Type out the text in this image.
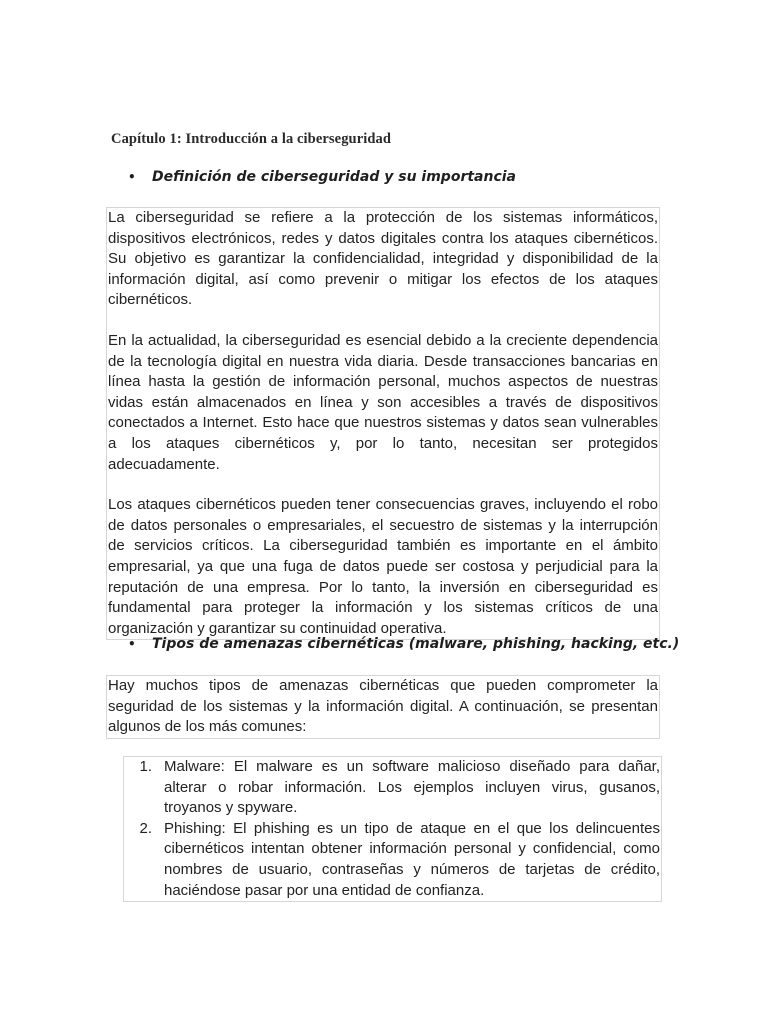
Capítulo 1: Introducción a la ciberseguridad
• Definición de ciberseguridad y su importancia

La ciberseguridad se refiere a la protección de los sistemas informáticos, dispositivos electrónicos, redes y datos digitales contra los ataques cibernéticos. Su objetivo es garantizar la confidencialidad, integridad y disponibilidad de la información digital, así como prevenir o mitigar los efectos de los ataques cibernéticos.

En la actualidad, la ciberseguridad es esencial debido a la creciente dependencia de la tecnología digital en nuestra vida diaria. Desde transacciones bancarias en línea hasta la gestión de información personal, muchos aspectos de nuestras vidas están almacenados en línea y son accesibles a través de dispositivos conectados a Internet. Esto hace que nuestros sistemas y datos sean vulnerables a los ataques cibernéticos y, por lo tanto, necesitan ser protegidos adecuadamente.

Los ataques cibernéticos pueden tener consecuencias graves, incluyendo el robo de datos personales o empresariales, el secuestro de sistemas y la interrupción de servicios críticos. La ciberseguridad también es importante en el ámbito empresarial, ya que una fuga de datos puede ser costosa y perjudicial para la reputación de una empresa. Por lo tanto, la inversión en ciberseguridad es fundamental para proteger la información y los sistemas críticos de una organización y garantizar su continuidad operativa.

• Tipos de amenazas cibernéticas (malware, phishing, hacking, etc.)

Hay muchos tipos de amenazas cibernéticas que pueden comprometer la seguridad de los sistemas y la información digital. A continuación, se presentan algunos de los más comunes:

1. Malware: El malware es un software malicioso diseñado para dañar, alterar o robar información. Los ejemplos incluyen virus, gusanos, troyanos y spyware.
2. Phishing: El phishing es un tipo de ataque en el que los delincuentes cibernéticos intentan obtener información personal y confidencial, como nombres de usuario, contraseñas y números de tarjetas de crédito, haciéndose pasar por una entidad de confianza.
